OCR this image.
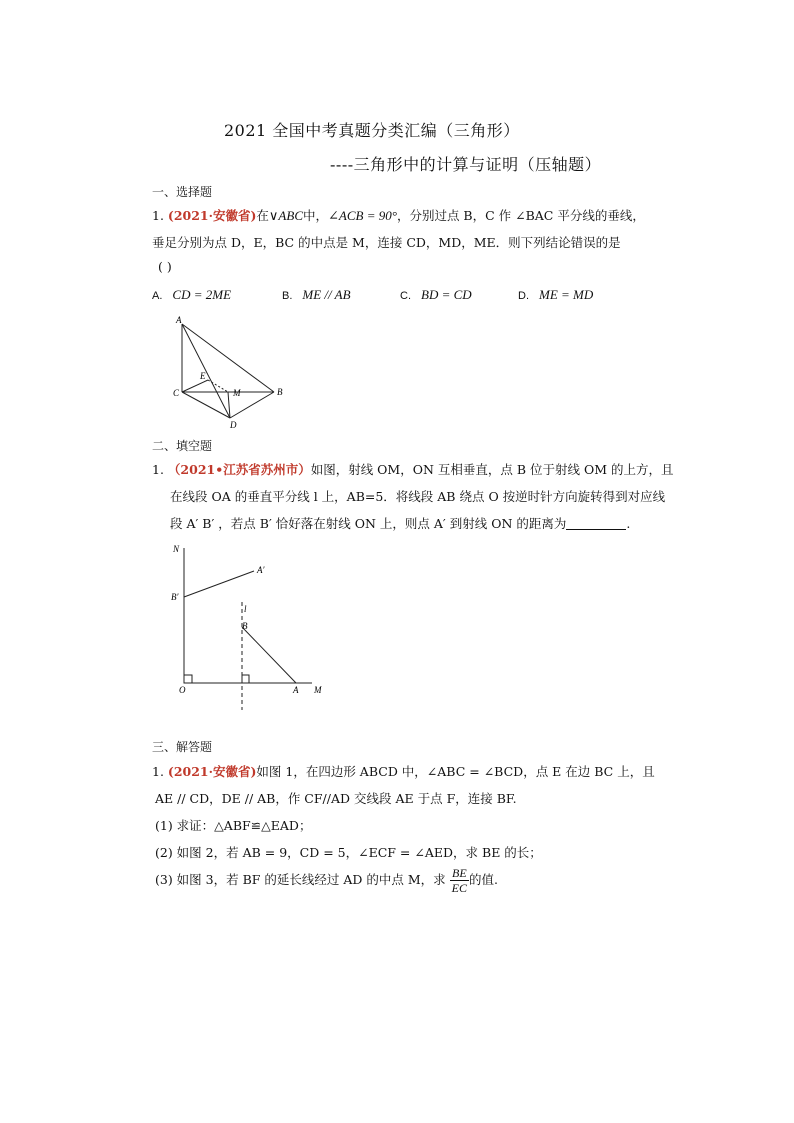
2021 全国中考真题分类汇编（三角形）
----三角形中的计算与证明（压轴题）
一、选择题
1. (2021·安徽省)在∨ABC中，∠ACB = 90°，分别过点 B，C 作 ∠BAC 平分线的垂线，
垂足分别为点 D，E，BC 的中点是 M，连接 CD，MD，ME．则下列结论错误的是
( )
A. CD = 2ME	B. ME // AB	C. BD = CD	D. ME = MD
A
C	B
D
E
M
二、填空题
1. （2021•江苏省苏州市）如图，射线 OM，ON 互相垂直，点 B 位于射线 OM 的上方，且
在线段 OA 的垂直平分线 l 上，AB=5．将线段 AB 绕点 O 按逆时针方向旋转得到对应线
段 A′ B′ ，若点 B′ 恰好落在射线 ON 上，则点 A′ 到射线 ON 的距离为	.
N
A′
B′
l
B
O	A M
三、解答题
1. (2021·安徽省)如图 1，在四边形 ABCD 中，∠ABC = ∠BCD，点 E 在边 BC 上，且
AE // CD，DE // AB，作 CF//AD 交线段 AE 于点 F，连接 BF.
(1) 求证：△ABF≌△EAD；
(2) 如图 2，若 AB = 9，CD = 5，∠ECF = ∠AED，求 BE 的长；
(3) 如图 3，若 BF 的延长线经过 AD 的中点 M，求 $\frac{BE}{EC}$ 的值.
